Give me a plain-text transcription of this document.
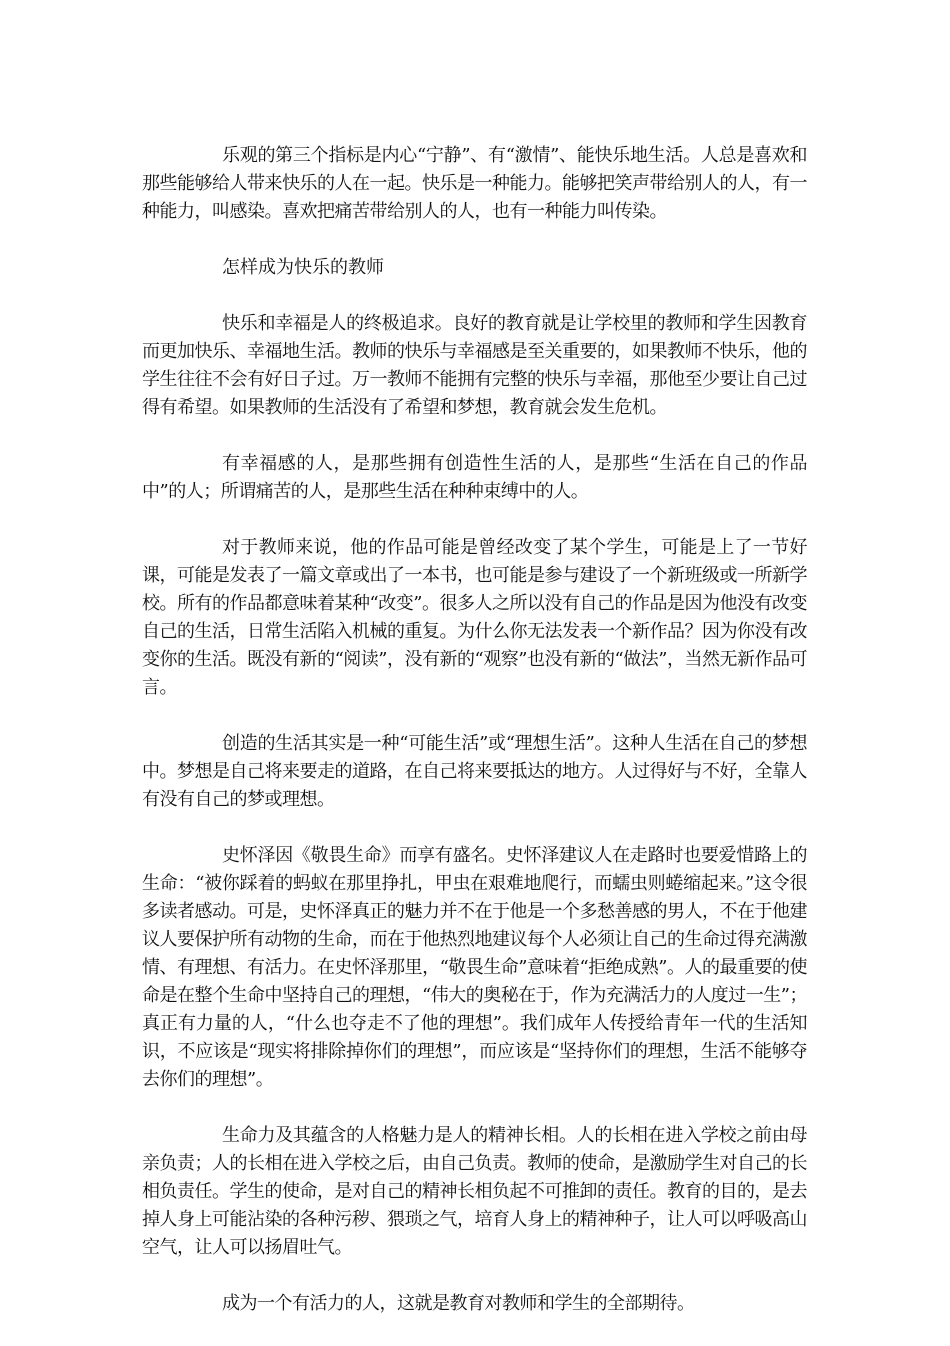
乐观的第三个指标是内心“宁静”、有“激情”、能快乐地生活。人总是喜欢和那些能够给人带来快乐的人在一起。快乐是一种能力。能够把笑声带给别人的人，有一种能力，叫感染。喜欢把痛苦带给别人的人，也有一种能力叫传染。

怎样成为快乐的教师

快乐和幸福是人的终极追求。良好的教育就是让学校里的教师和学生因教育而更加快乐、幸福地生活。教师的快乐与幸福感是至关重要的，如果教师不快乐，他的学生往往不会有好日子过。万一教师不能拥有完整的快乐与幸福，那他至少要让自己过得有希望。如果教师的生活没有了希望和梦想，教育就会发生危机。

有幸福感的人，是那些拥有创造性生活的人，是那些“生活在自己的作品中”的人；所谓痛苦的人，是那些生活在种种束缚中的人。

对于教师来说，他的作品可能是曾经改变了某个学生，可能是上了一节好课，可能是发表了一篇文章或出了一本书，也可能是参与建设了一个新班级或一所新学校。所有的作品都意味着某种“改变”。很多人之所以没有自己的作品是因为他没有改变自己的生活，日常生活陷入机械的重复。为什么你无法发表一个新作品？因为你没有改变你的生活。既没有新的“阅读”，没有新的“观察”也没有新的“做法”，当然无新作品可言。

创造的生活其实是一种“可能生活”或“理想生活”。这种人生活在自己的梦想中。梦想是自己将来要走的道路，在自己将来要抵达的地方。人过得好与不好，全靠人有没有自己的梦或理想。

史怀泽因《敬畏生命》而享有盛名。史怀泽建议人在走路时也要爱惜路上的生命：“被你踩着的蚂蚁在那里挣扎，甲虫在艰难地爬行，而蠕虫则蜷缩起来。”这令很多读者感动。可是，史怀泽真正的魅力并不在于他是一个多愁善感的男人，不在于他建议人要保护所有动物的生命，而在于他热烈地建议每个人必须让自己的生命过得充满激情、有理想、有活力。在史怀泽那里，“敬畏生命”意味着“拒绝成熟”。人的最重要的使命是在整个生命中坚持自己的理想，“伟大的奥秘在于，作为充满活力的人度过一生”；真正有力量的人，“什么也夺走不了他的理想”。我们成年人传授给青年一代的生活知识，不应该是“现实将排除掉你们的理想”，而应该是“坚持你们的理想，生活不能够夺去你们的理想”。

生命力及其蕴含的人格魅力是人的精神长相。人的长相在进入学校之前由母亲负责；人的长相在进入学校之后，由自己负责。教师的使命，是激励学生对自己的长相负责任。学生的使命，是对自己的精神长相负起不可推卸的责任。教育的目的，是去掉人身上可能沾染的各种污秽、猥琐之气，培育人身上的精神种子，让人可以呼吸高山空气，让人可以扬眉吐气。

成为一个有活力的人，这就是教育对教师和学生的全部期待。
